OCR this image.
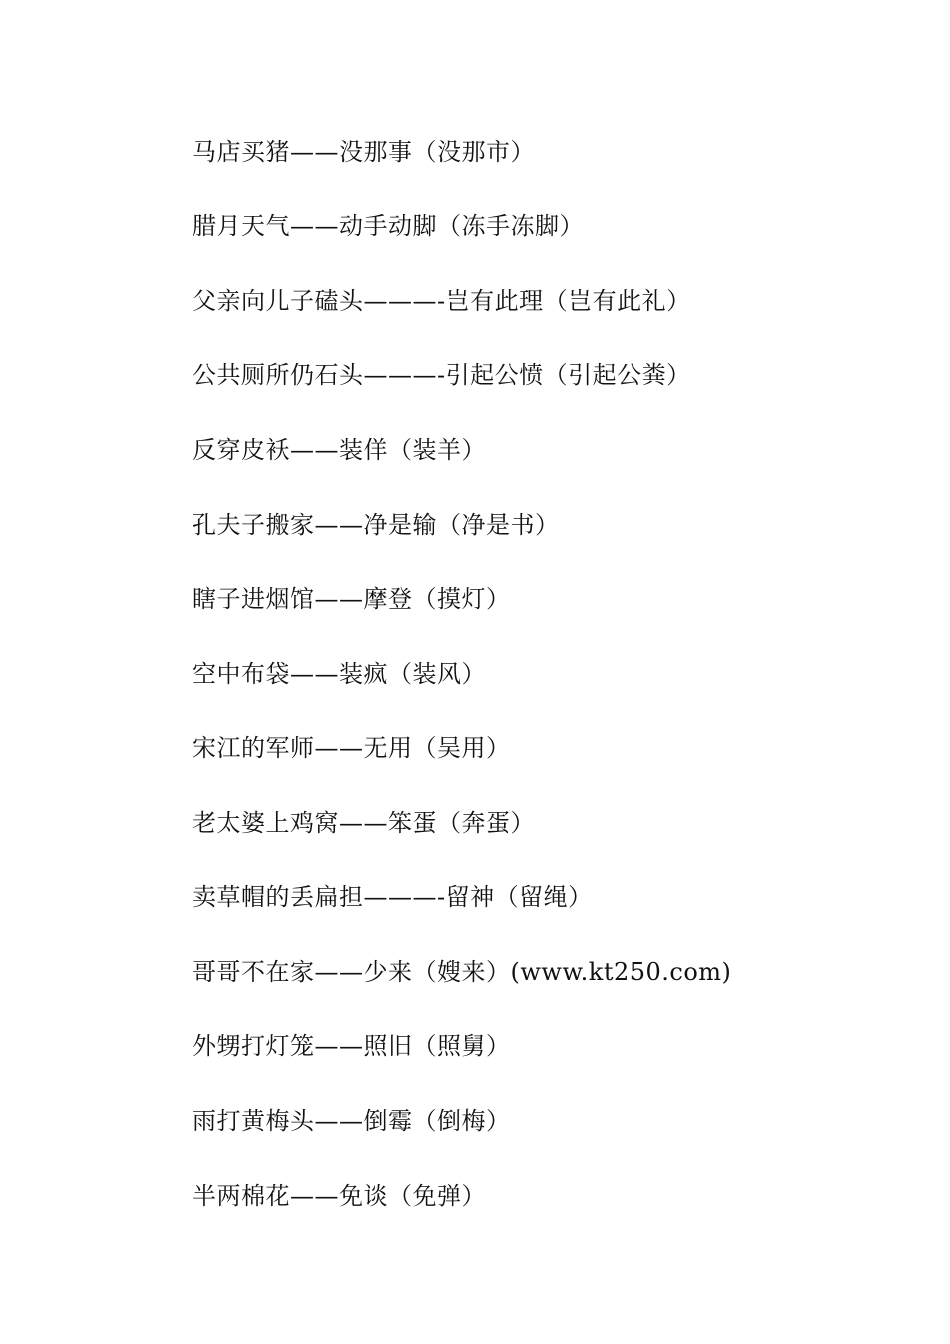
马店买猪——没那事（没那市）
腊月天气——动手动脚（冻手冻脚）
父亲向儿子磕头———-岂有此理（岂有此礼）
公共厕所仍石头———-引起公愤（引起公粪）
反穿皮袄——装佯（装羊）
孔夫子搬家——净是输（净是书）
瞎子进烟馆——摩登（摸灯）
空中布袋——装疯（装风）
宋江的军师——无用（吴用）
老太婆上鸡窝——笨蛋（奔蛋）
卖草帽的丢扁担———-留神（留绳）
哥哥不在家——少来（嫂来）(www.kt250.com)
外甥打灯笼——照旧（照舅）
雨打黄梅头——倒霉（倒梅）
半两棉花——免谈（免弹）
